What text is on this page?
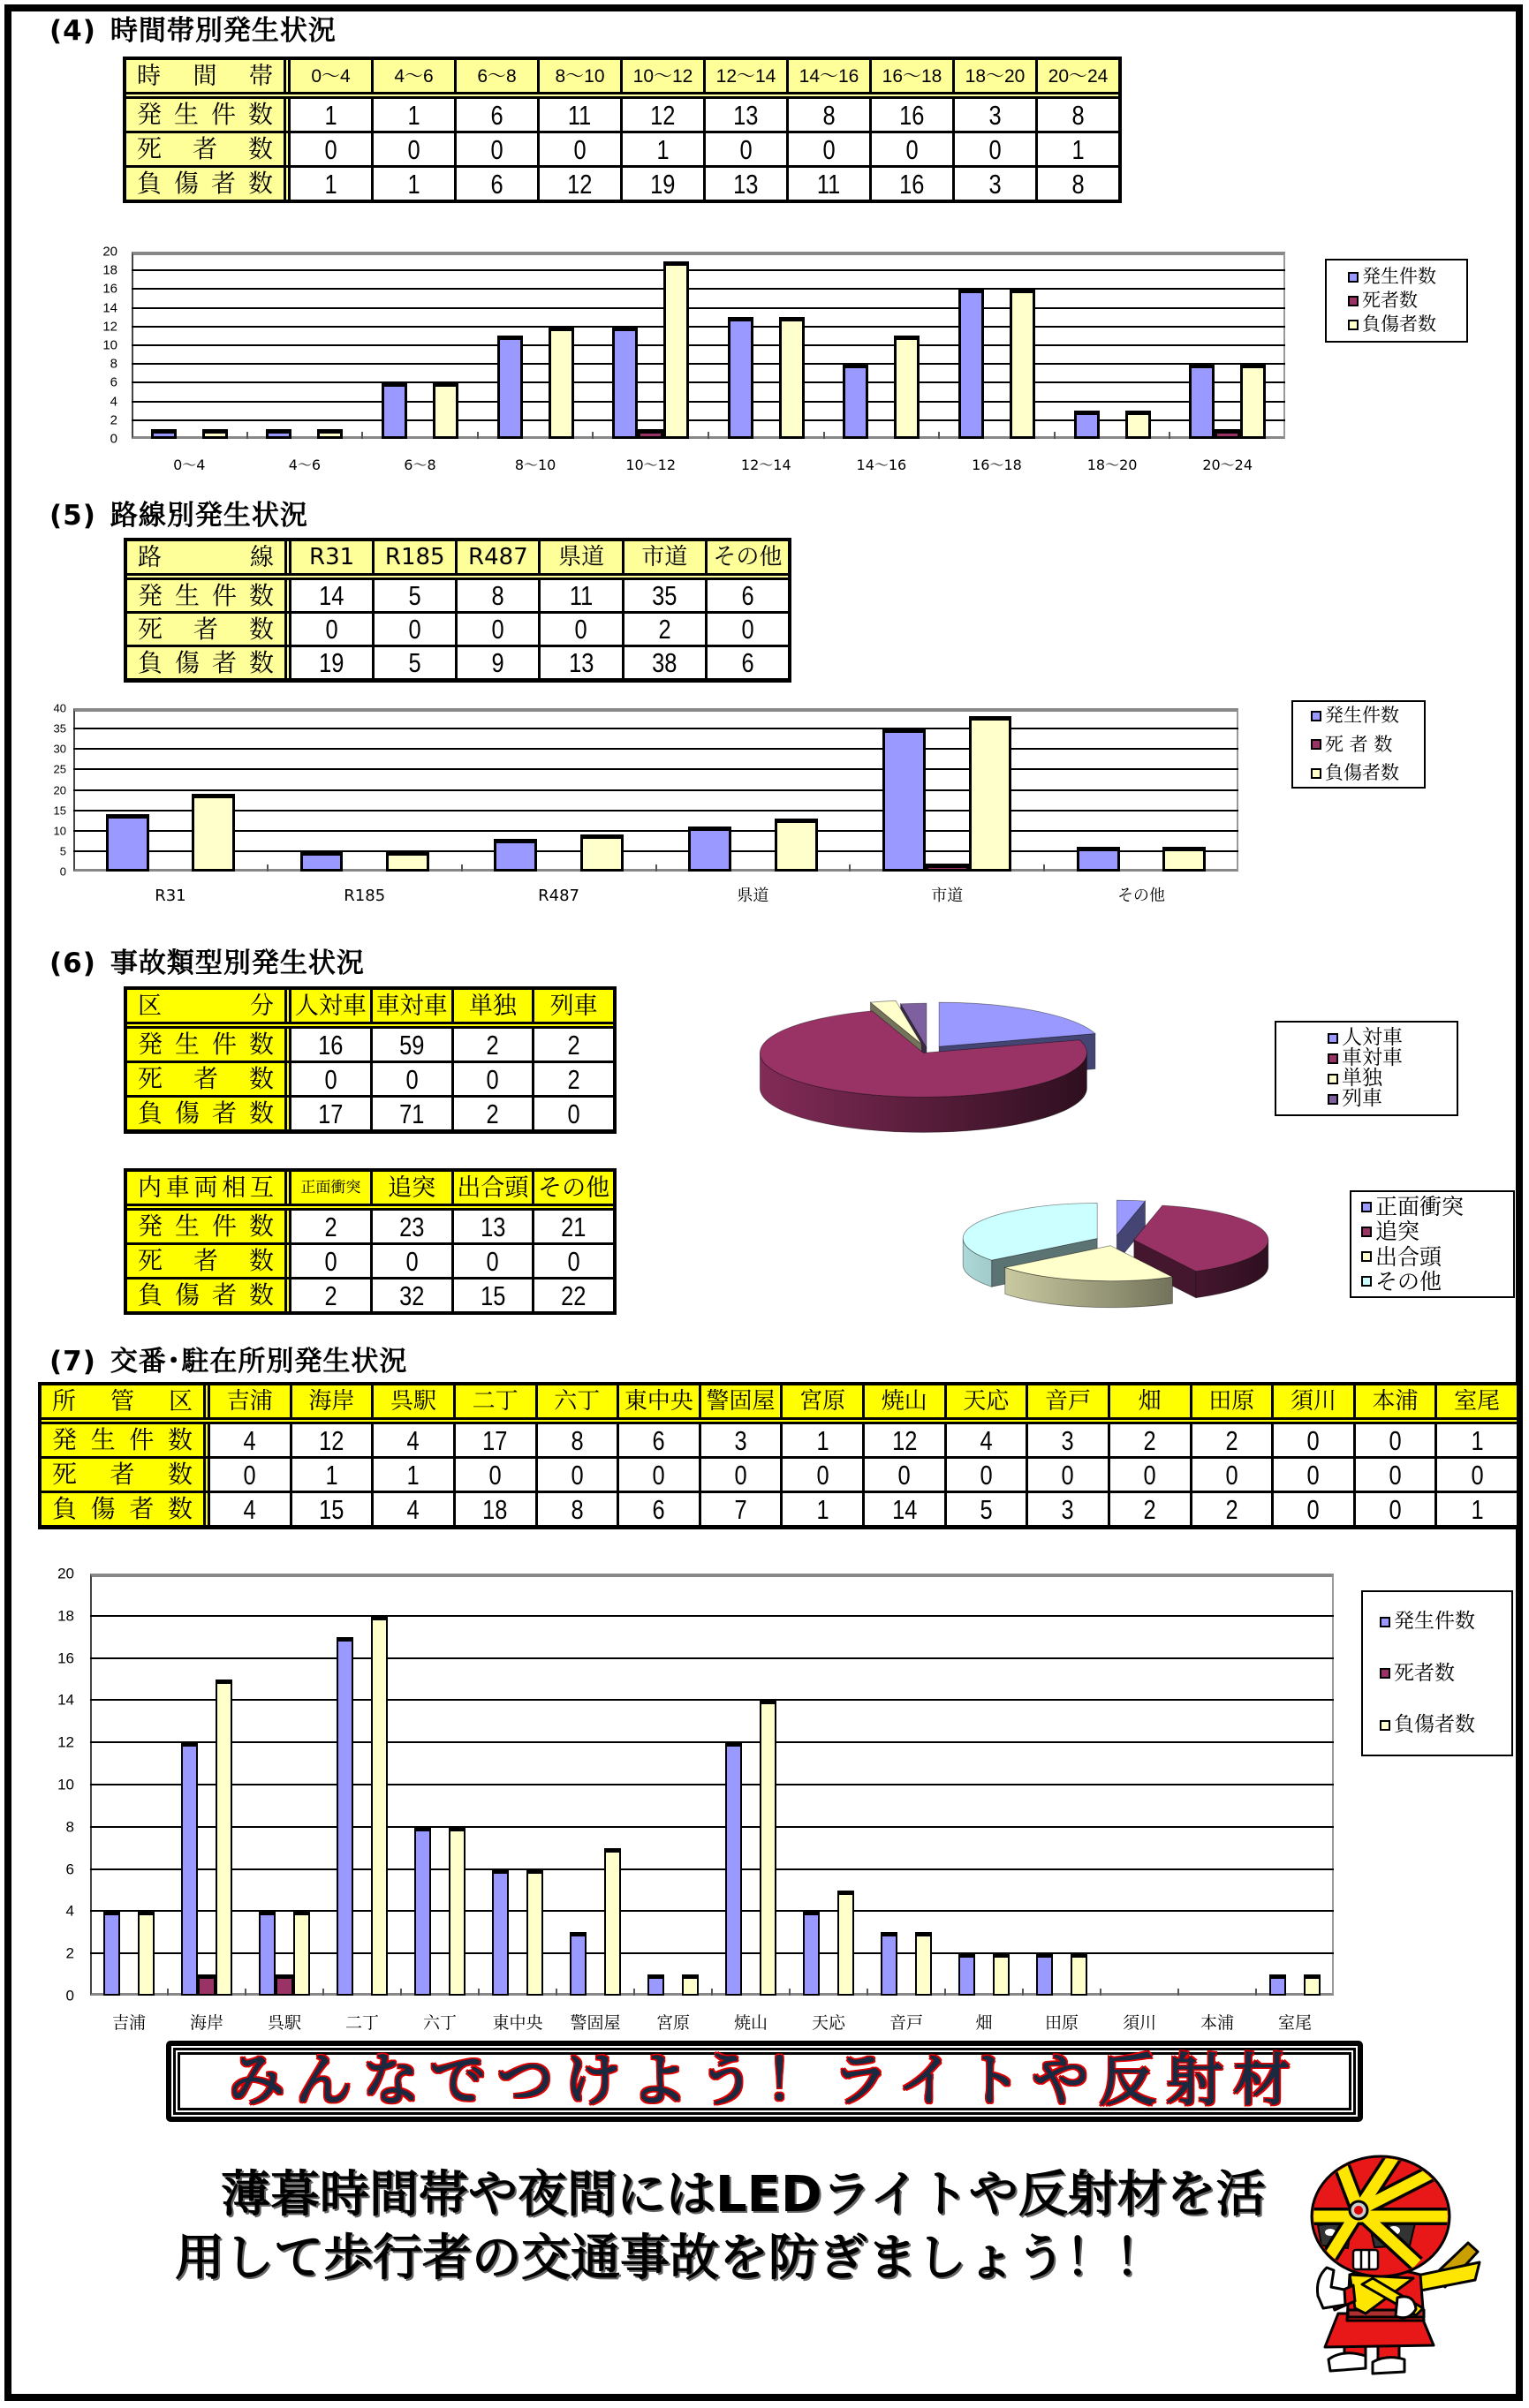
(4) 時間帯別発生状況
時 間 帯 0～4 4～6 6～8 8～10 10～12 12～14 14～16 16～18 18～20 20～24
発生件数 1	1	6 11 12 13 8 16 3	8
死 者 数 0	0	0	0	1	0	0	0	0	1
負傷者数 1	1	6 12 19 13 11 16 3	8
0
2
4
6
8
10
12
14
16
18
20
0～4	4～6	6～8	8～10	10～12	12～14	14～16	16～18	18～20	20～24
発生件数
死者数
負傷者数
(5) 路線別発生状況
路 線 R31 R185 R487 県道 市道 その他
発生件数 14 5	8 11 35 6
死 者 数 0	0	0	0	2	0
負傷者数 19 5	9 13 38 6
0
5
10
15
20
25
30
35
40
R31	R185	R487	県道	市道	その他
発生件数
死 者 数
負傷者数
(6) 事故類型別発生状況
区 分 人対車 車対車 単独 列車
発生件数 16 59 2	2
死 者 数 0	0	0	2
負傷者数 17 71 2	0
内車両相互 正面衝突 追突 出合頭 その他
発生件数 2 23 13 21
死 者 数 0	0	0	0
負傷者数 2 32 15 22
人対車
車対車
単独
列車
正面衝突
追突
出合頭
その他
(7) 交番･駐在所別発生状況
所 管 区 吉浦 海岸 呉駅 二丁 六丁 東中央 警固屋 宮原 焼山 天応 音戸 畑 田原 須川 本浦 室尾
発生件数 4 12 4 17 8	6	3	1 12 4	3	2	2	0	0	1
死 者 数 0	1	1	0	0	0	0	0	0	0	0	0	0	0	0	0
負傷者数 4 15 4 18 8	6	7	1 14 5	3	2	2	0	0	1
0
2
4
6
8
10
12
14
16
18
20
吉浦	海岸	呉駅	二丁	六丁	東中央	警固屋	宮原	焼山	天応	音戸	畑	田原	須川	本浦	室尾
発生件数
死者数
負傷者数
みんなでつけよう！ライトや反射材
薄暮時間帯や夜間にはLEDライトや反射材を活
用して歩行者の交通事故を防ぎましょう！！
